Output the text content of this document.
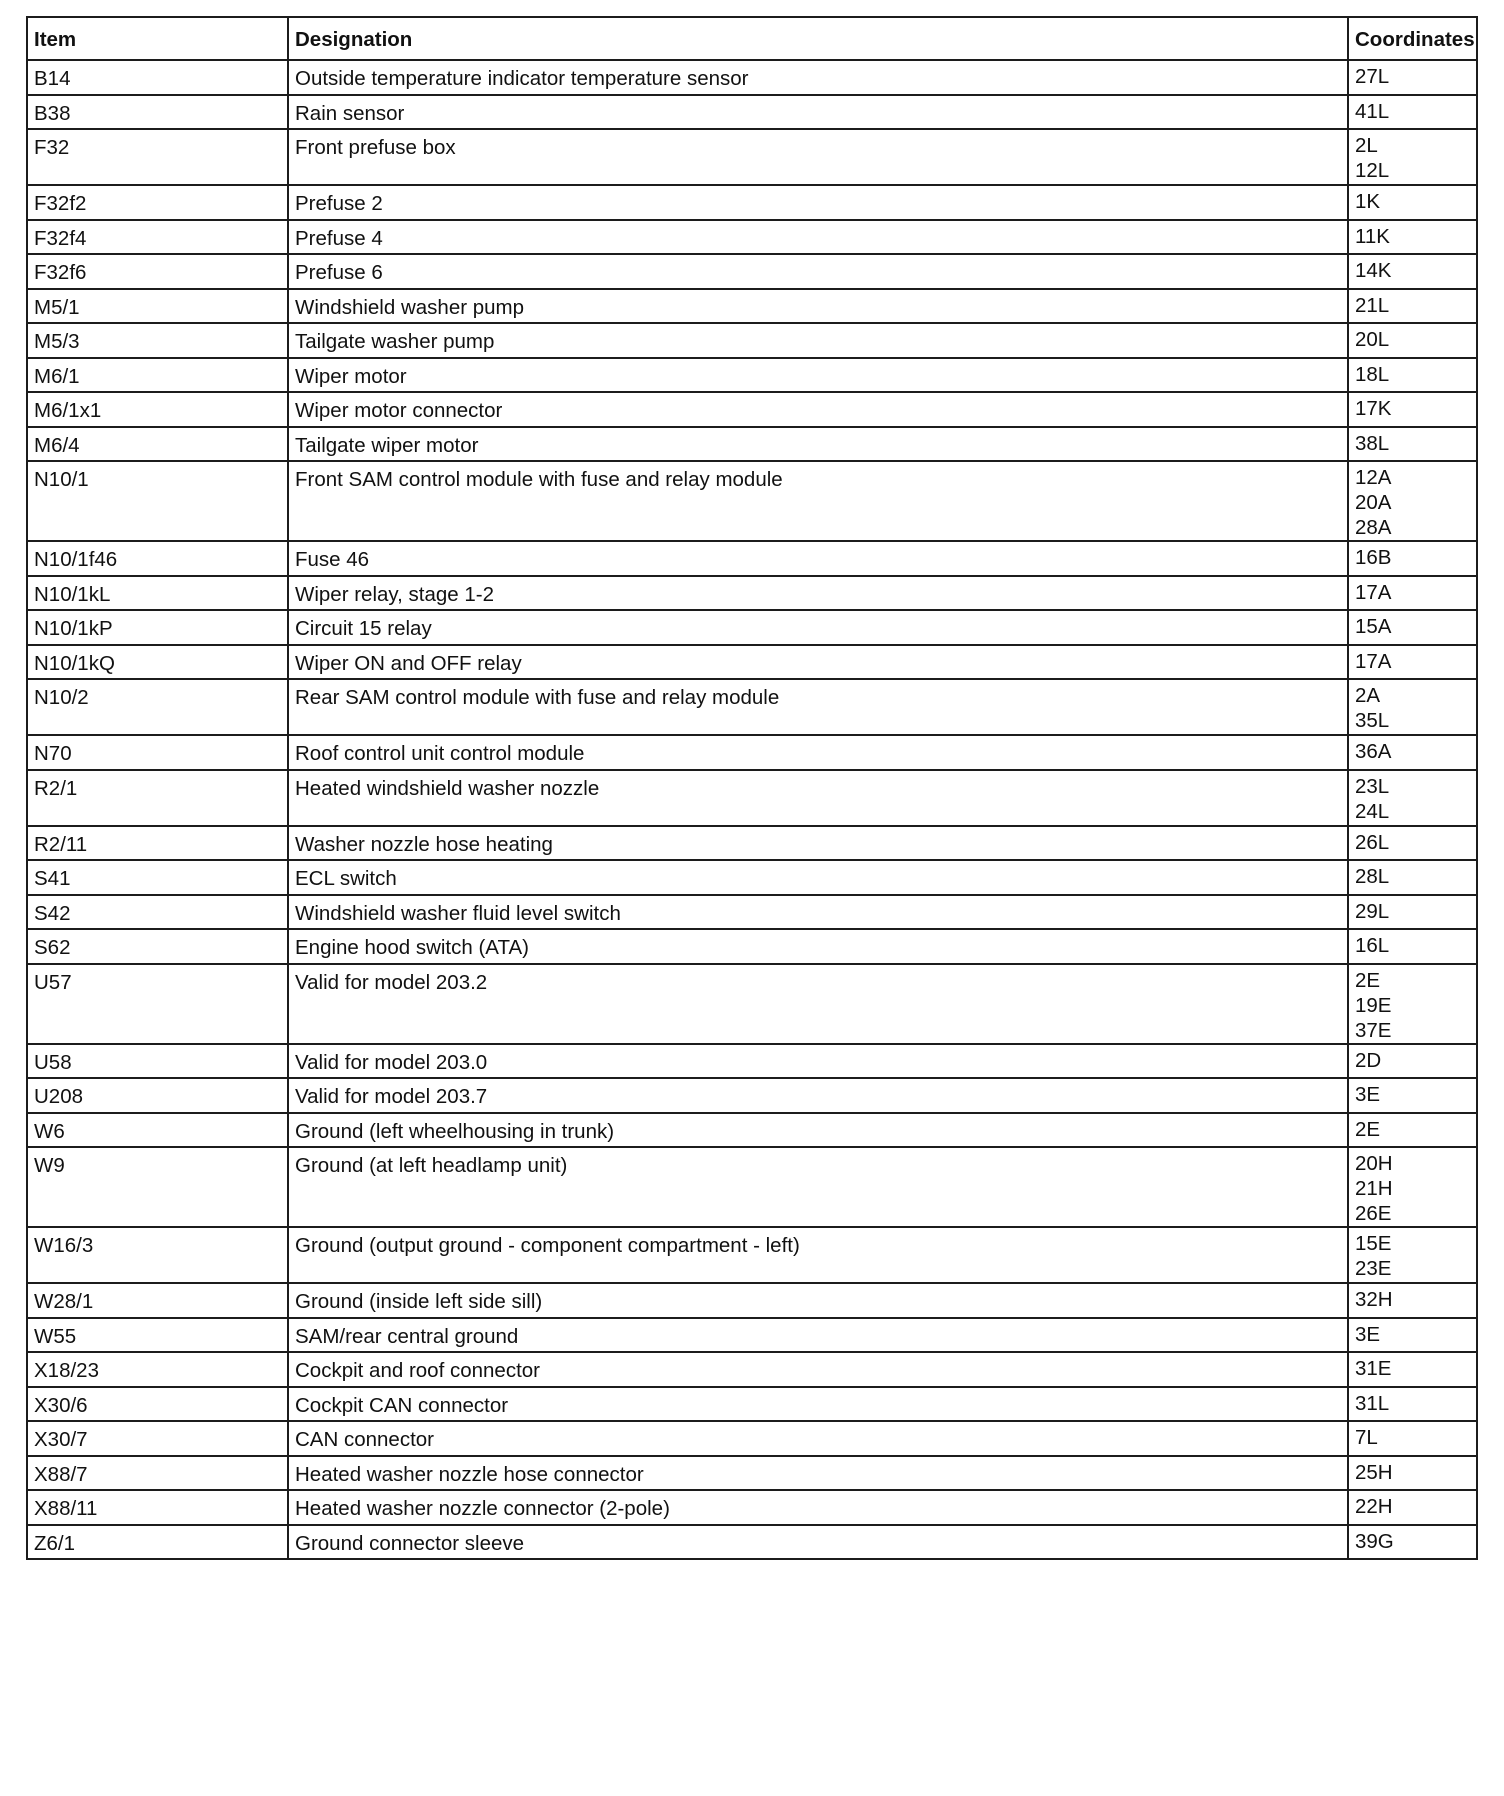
Item	Designation	Coordinates
B14	Outside temperature indicator temperature sensor	27L

B38	Rain sensor	41L

F32	Front prefuse box	2L
12L

F32f2	Prefuse 2	1K

F32f4	Prefuse 4	11K

F32f6	Prefuse 6	14K

M5/1	Windshield washer pump	21L

M5/3	Tailgate washer pump	20L

M6/1	Wiper motor	18L

M6/1x1	Wiper motor connector	17K

M6/4	Tailgate wiper motor	38L

N10/1	Front SAM control module with fuse and relay module	12A
20A
28A

N10/1f46	Fuse 46	16B

N10/1kL	Wiper relay, stage 1-2	17A

N10/1kP	Circuit 15 relay	15A

N10/1kQ	Wiper ON and OFF relay	17A

N10/2	Rear SAM control module with fuse and relay module	2A
35L

N70	Roof control unit control module	36A

R2/1	Heated windshield washer nozzle	23L
24L

R2/11	Washer nozzle hose heating	26L

S41	ECL switch	28L

S42	Windshield washer fluid level switch	29L

S62	Engine hood switch (ATA)	16L

U57	Valid for model 203.2	2E
19E
37E

U58	Valid for model 203.0	2D

U208	Valid for model 203.7	3E

W6	Ground (left wheelhousing in trunk)	2E

W9	Ground (at left headlamp unit)	20H
21H
26E

W16/3	Ground (output ground - component compartment - left)	15E
23E

W28/1	Ground (inside left side sill)	32H

W55	SAM/rear central ground	3E

X18/23	Cockpit and roof connector	31E

X30/6	Cockpit CAN connector	31L

X30/7	CAN connector	7L

X88/7	Heated washer nozzle hose connector	25H

X88/11	Heated washer nozzle connector (2-pole)	22H

Z6/1	Ground connector sleeve	39G
